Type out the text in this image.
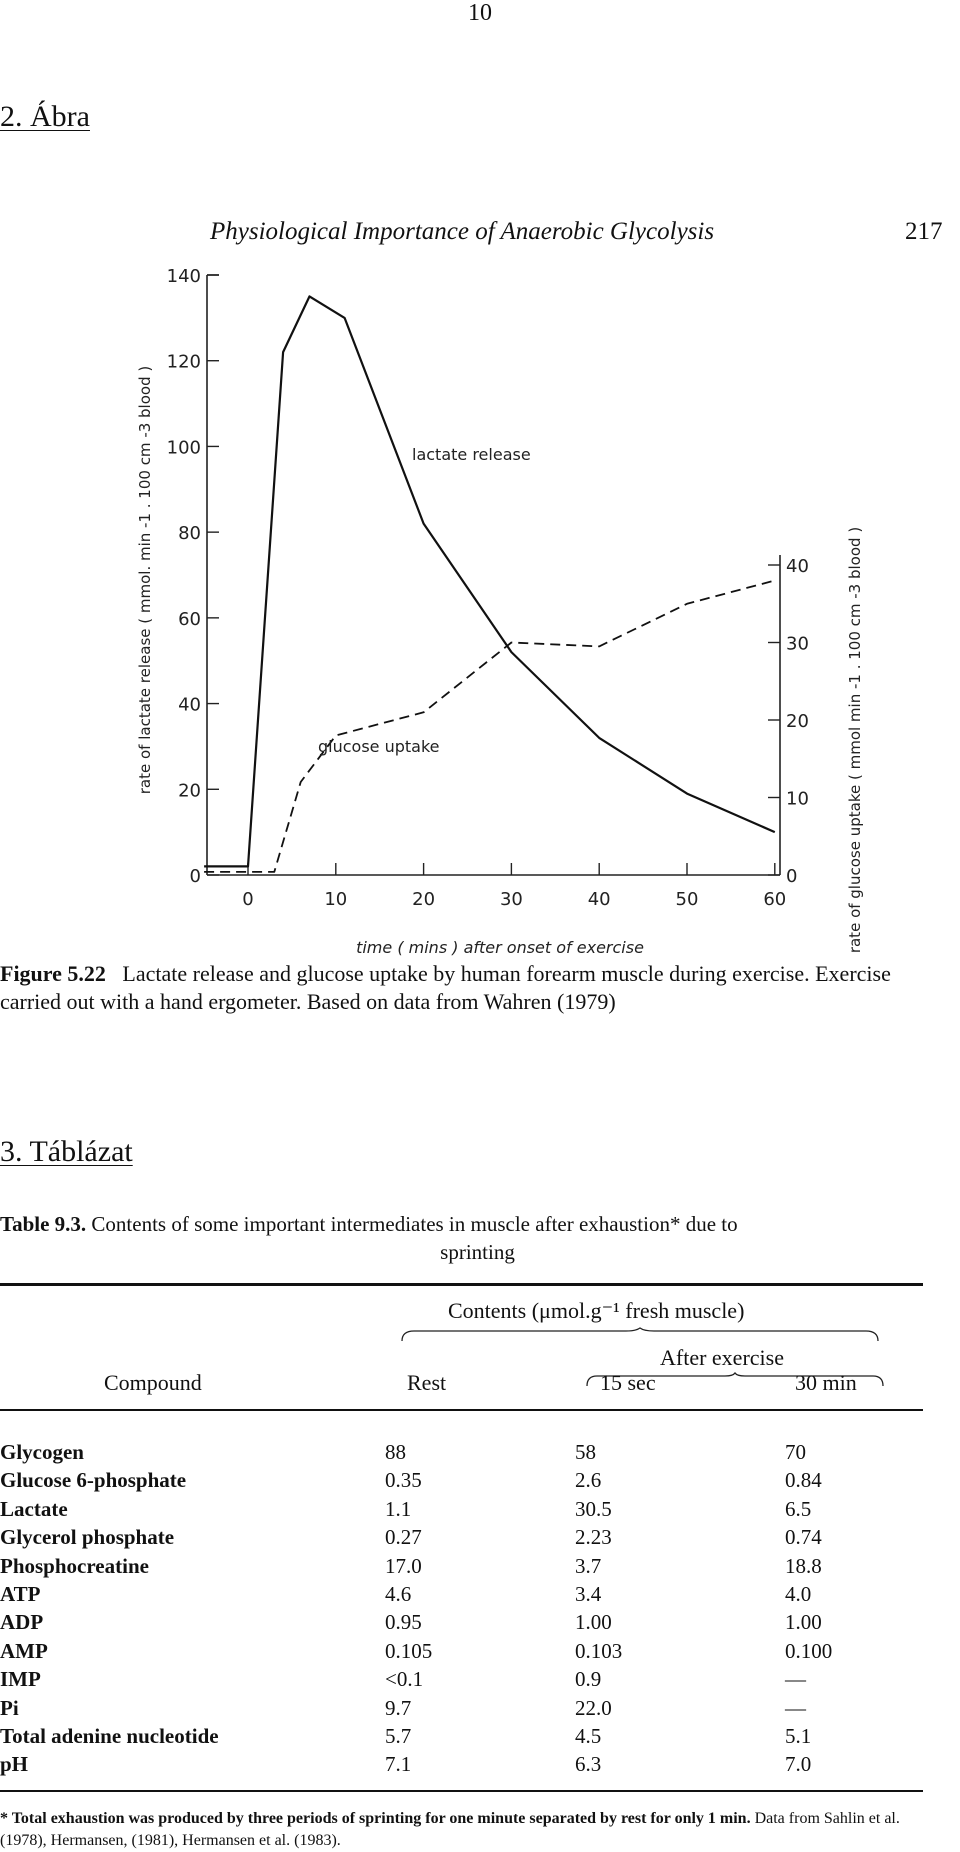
10
2. Ábra
Physiological Importance of Anaerobic Glycolysis	217
0
20
40
60
80
100
120
140
0
10
20
30
40
0	10	20	30	40	50	60
time ( mins ) after onset of exercise
rate of lactate release ( mmol. min -1 . 100 cm -3 blood )	rate of glucose uptake ( mmol min -1 . 100 cm -3 blood )
lactate release
glucose uptake
Figure 5.22 Lactate release and glucose uptake by human forearm muscle during exercise. Exercise carried out with a hand ergometer. Based on data from Wahren (1979)
3. Táblázat
Table 9.3. Contents of some important intermediates in muscle after exhaustion* due to
sprinting
Contents (μmol.g⁻¹ fresh muscle)
After exercise
Compound	Rest	15 sec	30 min
Glycogen	88	58	70
Glucose 6-phosphate	0.35	2.6	0.84
Lactate	1.1	30.5	6.5
Glycerol phosphate	0.27	2.23	0.74
Phosphocreatine	17.0	3.7	18.8
ATP	4.6	3.4	4.0
ADP	0.95	1.00	1.00
AMP	0.105	0.103	0.100
IMP	<0.1	0.9	—
Pi	9.7	22.0	—
Total adenine nucleotide	5.7	4.5	5.1
pH	7.1	6.3	7.0
* Total exhaustion was produced by three periods of sprinting for one minute separated by rest for only 1 min. Data from Sahlin et al. (1978), Hermansen, (1981), Hermansen et al. (1983).
